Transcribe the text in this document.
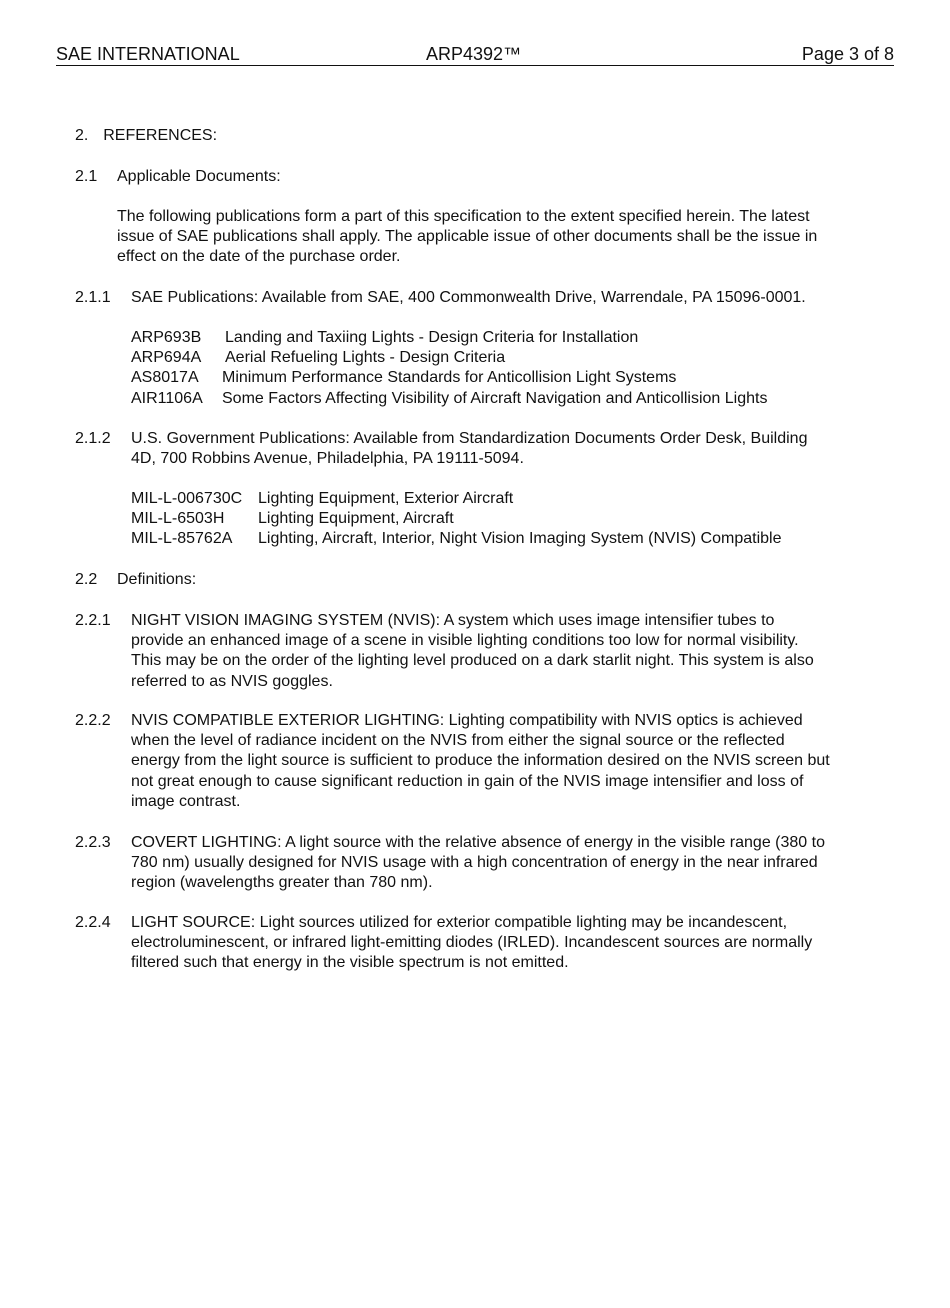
SAE INTERNATIONAL	ARP4392™	Page 3 of 8
2. REFERENCES:
2.1 Applicable Documents:
The following publications form a part of this specification to the extent specified herein. The latest
issue of SAE publications shall apply. The applicable issue of other documents shall be the issue in
effect on the date of the purchase order.
2.1.1 SAE Publications: Available from SAE, 400 Commonwealth Drive, Warrendale, PA 15096-0001.
ARP693B Landing and Taxiing Lights - Design Criteria for Installation
ARP694A Aerial Refueling Lights - Design Criteria
AS8017A Minimum Performance Standards for Anticollision Light Systems
AIR1106A Some Factors Affecting Visibility of Aircraft Navigation and Anticollision Lights
2.1.2 U.S. Government Publications: Available from Standardization Documents Order Desk, Building
4D, 700 Robbins Avenue, Philadelphia, PA 19111-5094.
MIL-L-006730C Lighting Equipment, Exterior Aircraft
MIL-L-6503H Lighting Equipment, Aircraft
MIL-L-85762A Lighting, Aircraft, Interior, Night Vision Imaging System (NVIS) Compatible
2.2 Definitions:
2.2.1 NIGHT VISION IMAGING SYSTEM (NVIS): A system which uses image intensifier tubes to
provide an enhanced image of a scene in visible lighting conditions too low for normal visibility.
This may be on the order of the lighting level produced on a dark starlit night. This system is also
referred to as NVIS goggles.
2.2.2 NVIS COMPATIBLE EXTERIOR LIGHTING: Lighting compatibility with NVIS optics is achieved
when the level of radiance incident on the NVIS from either the signal source or the reflected
energy from the light source is sufficient to produce the information desired on the NVIS screen but
not great enough to cause significant reduction in gain of the NVIS image intensifier and loss of
image contrast.
2.2.3 COVERT LIGHTING: A light source with the relative absence of energy in the visible range (380 to
780 nm) usually designed for NVIS usage with a high concentration of energy in the near infrared
region (wavelengths greater than 780 nm).
2.2.4 LIGHT SOURCE: Light sources utilized for exterior compatible lighting may be incandescent,
electroluminescent, or infrared light-emitting diodes (IRLED). Incandescent sources are normally
filtered such that energy in the visible spectrum is not emitted.
